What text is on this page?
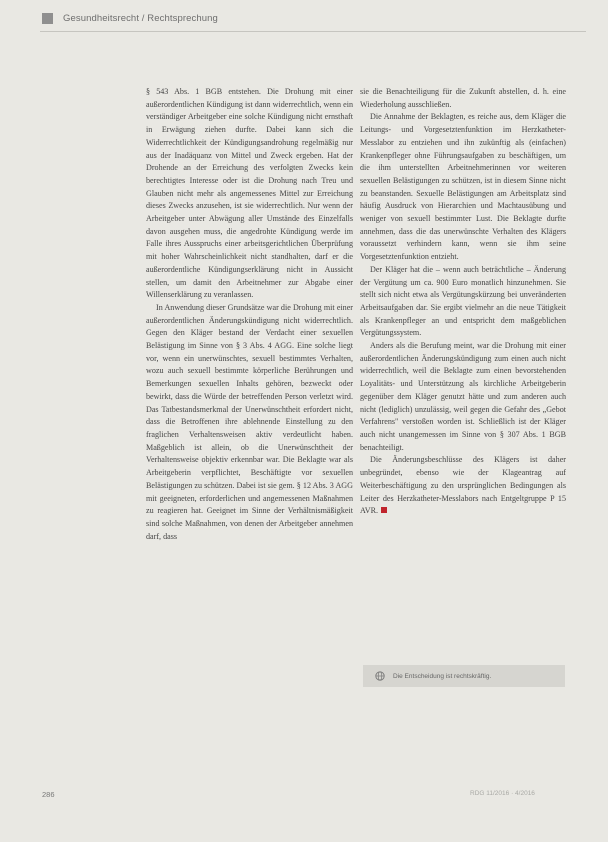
Gesundheitsrecht / Rechtsprechung

§ 543 Abs. 1 BGB entstehen. Die Drohung mit einer außerordentlichen Kündigung ist dann widerrechtlich, wenn ein verständiger Arbeitgeber eine solche Kündigung nicht ernsthaft in Erwägung ziehen durfte. Dabei kann sich die Widerrechtlichkeit der Kündigungsandrohung regelmäßig nur aus der Inadäquanz von Mittel und Zweck ergeben. Hat der Drohende an der Erreichung des verfolgten Zwecks kein berechtigtes Interesse oder ist die Drohung nach Treu und Glauben nicht mehr als angemessenes Mittel zur Erreichung dieses Zwecks anzusehen, ist sie widerrechtlich. Nur wenn der Arbeitgeber unter Abwägung aller Umstände des Einzelfalls davon ausgehen muss, die angedrohte Kündigung werde im Falle ihres Ausspruchs einer arbeitsgerichtlichen Überprüfung mit hoher Wahrscheinlichkeit nicht standhalten, darf er die außerordentliche Kündigungserklärung nicht in Aussicht stellen, um damit den Arbeitnehmer zur Abgabe einer Willenserklärung zu veranlassen.

In Anwendung dieser Grundsätze war die Drohung mit einer außerordentlichen Änderungskündigung nicht widerrechtlich. Gegen den Kläger bestand der Verdacht einer sexuellen Belästigung im Sinne von § 3 Abs. 4 AGG. Eine solche liegt vor, wenn ein unerwünschtes, sexuell bestimmtes Verhalten, wozu auch sexuell bestimmte körperliche Berührungen und Bemerkungen sexuellen Inhalts gehören, bezweckt oder bewirkt, dass die Würde der betreffenden Person verletzt wird. Das Tatbestandsmerkmal der Unerwünschtheit erfordert nicht, dass die Betroffenen ihre ablehnende Einstellung zu den fraglichen Verhaltensweisen aktiv verdeutlicht haben. Maßgeblich ist allein, ob die Unerwünschtheit der Verhaltensweise objektiv erkennbar war. Die Beklagte war als Arbeitgeberin verpflichtet, Beschäftigte vor sexuellen Belästigungen zu schützen. Dabei ist sie gem. § 12 Abs. 3 AGG mit geeigneten, erforderlichen und angemessenen Maßnahmen zu reagieren hat. Geeignet im Sinne der Verhältnismäßigkeit sind solche Maßnahmen, von denen der Arbeitgeber annehmen darf, dass

sie die Benachteiligung für die Zukunft abstellen, d. h. eine Wiederholung ausschließen.

Die Annahme der Beklagten, es reiche aus, dem Kläger die Leitungs- und Vorgesetztenfunktion im Herzkatheter-Messlabor zu entziehen und ihn zukünftig als (einfachen) Krankenpfleger ohne Führungsaufgaben zu beschäftigen, um die ihm unterstellten Arbeitnehmerinnen vor weiteren sexuellen Belästigungen zu schützen, ist in diesem Sinne nicht zu beanstanden. Sexuelle Belästigungen am Arbeitsplatz sind häufig Ausdruck von Hierarchien und Machtausübung und weniger von sexuell bestimmter Lust. Die Beklagte durfte annehmen, dass die das unerwünschte Verhalten des Klägers voraussetzt verhindern kann, wenn sie ihm seine Vorgesetztenfunktion entzieht.

Der Kläger hat die – wenn auch beträchtliche – Änderung der Vergütung um ca. 900 Euro monatlich hinzunehmen. Sie stellt sich nicht etwa als Vergütungskürzung bei unveränderten Arbeitsaufgaben dar. Sie ergibt vielmehr an die neue Tätigkeit als Krankenpfleger an und entspricht dem maßgeblichen Vergütungssystem.

Anders als die Berufung meint, war die Drohung mit einer außerordentlichen Änderungskündigung zum einen auch nicht widerrechtlich, weil die Beklagte zum einen bevorstehenden Loyalitäts- und Unterstützung als kirchliche Arbeitgeberin gegenüber dem Kläger genutzt hätte und zum anderen auch nicht (lediglich) unzulässig, weil gegen die Gefahr des „Gebot Verfahrens" verstoßen worden ist. Schließlich ist der Kläger auch nicht unangemessen im Sinne von § 307 Abs. 1 BGB benachteiligt.

Die Änderungsbeschlüsse des Klägers ist daher unbegründet, ebenso wie der Klageantrag auf Weiterbeschäftigung zu den ursprünglichen Bedingungen als Leiter des Herzkatheter-Messlabors nach Entgeltgruppe P 15 AVR.

Die Entscheidung ist rechtskräftig.
286	RDG 11/2016 · 4/2016
